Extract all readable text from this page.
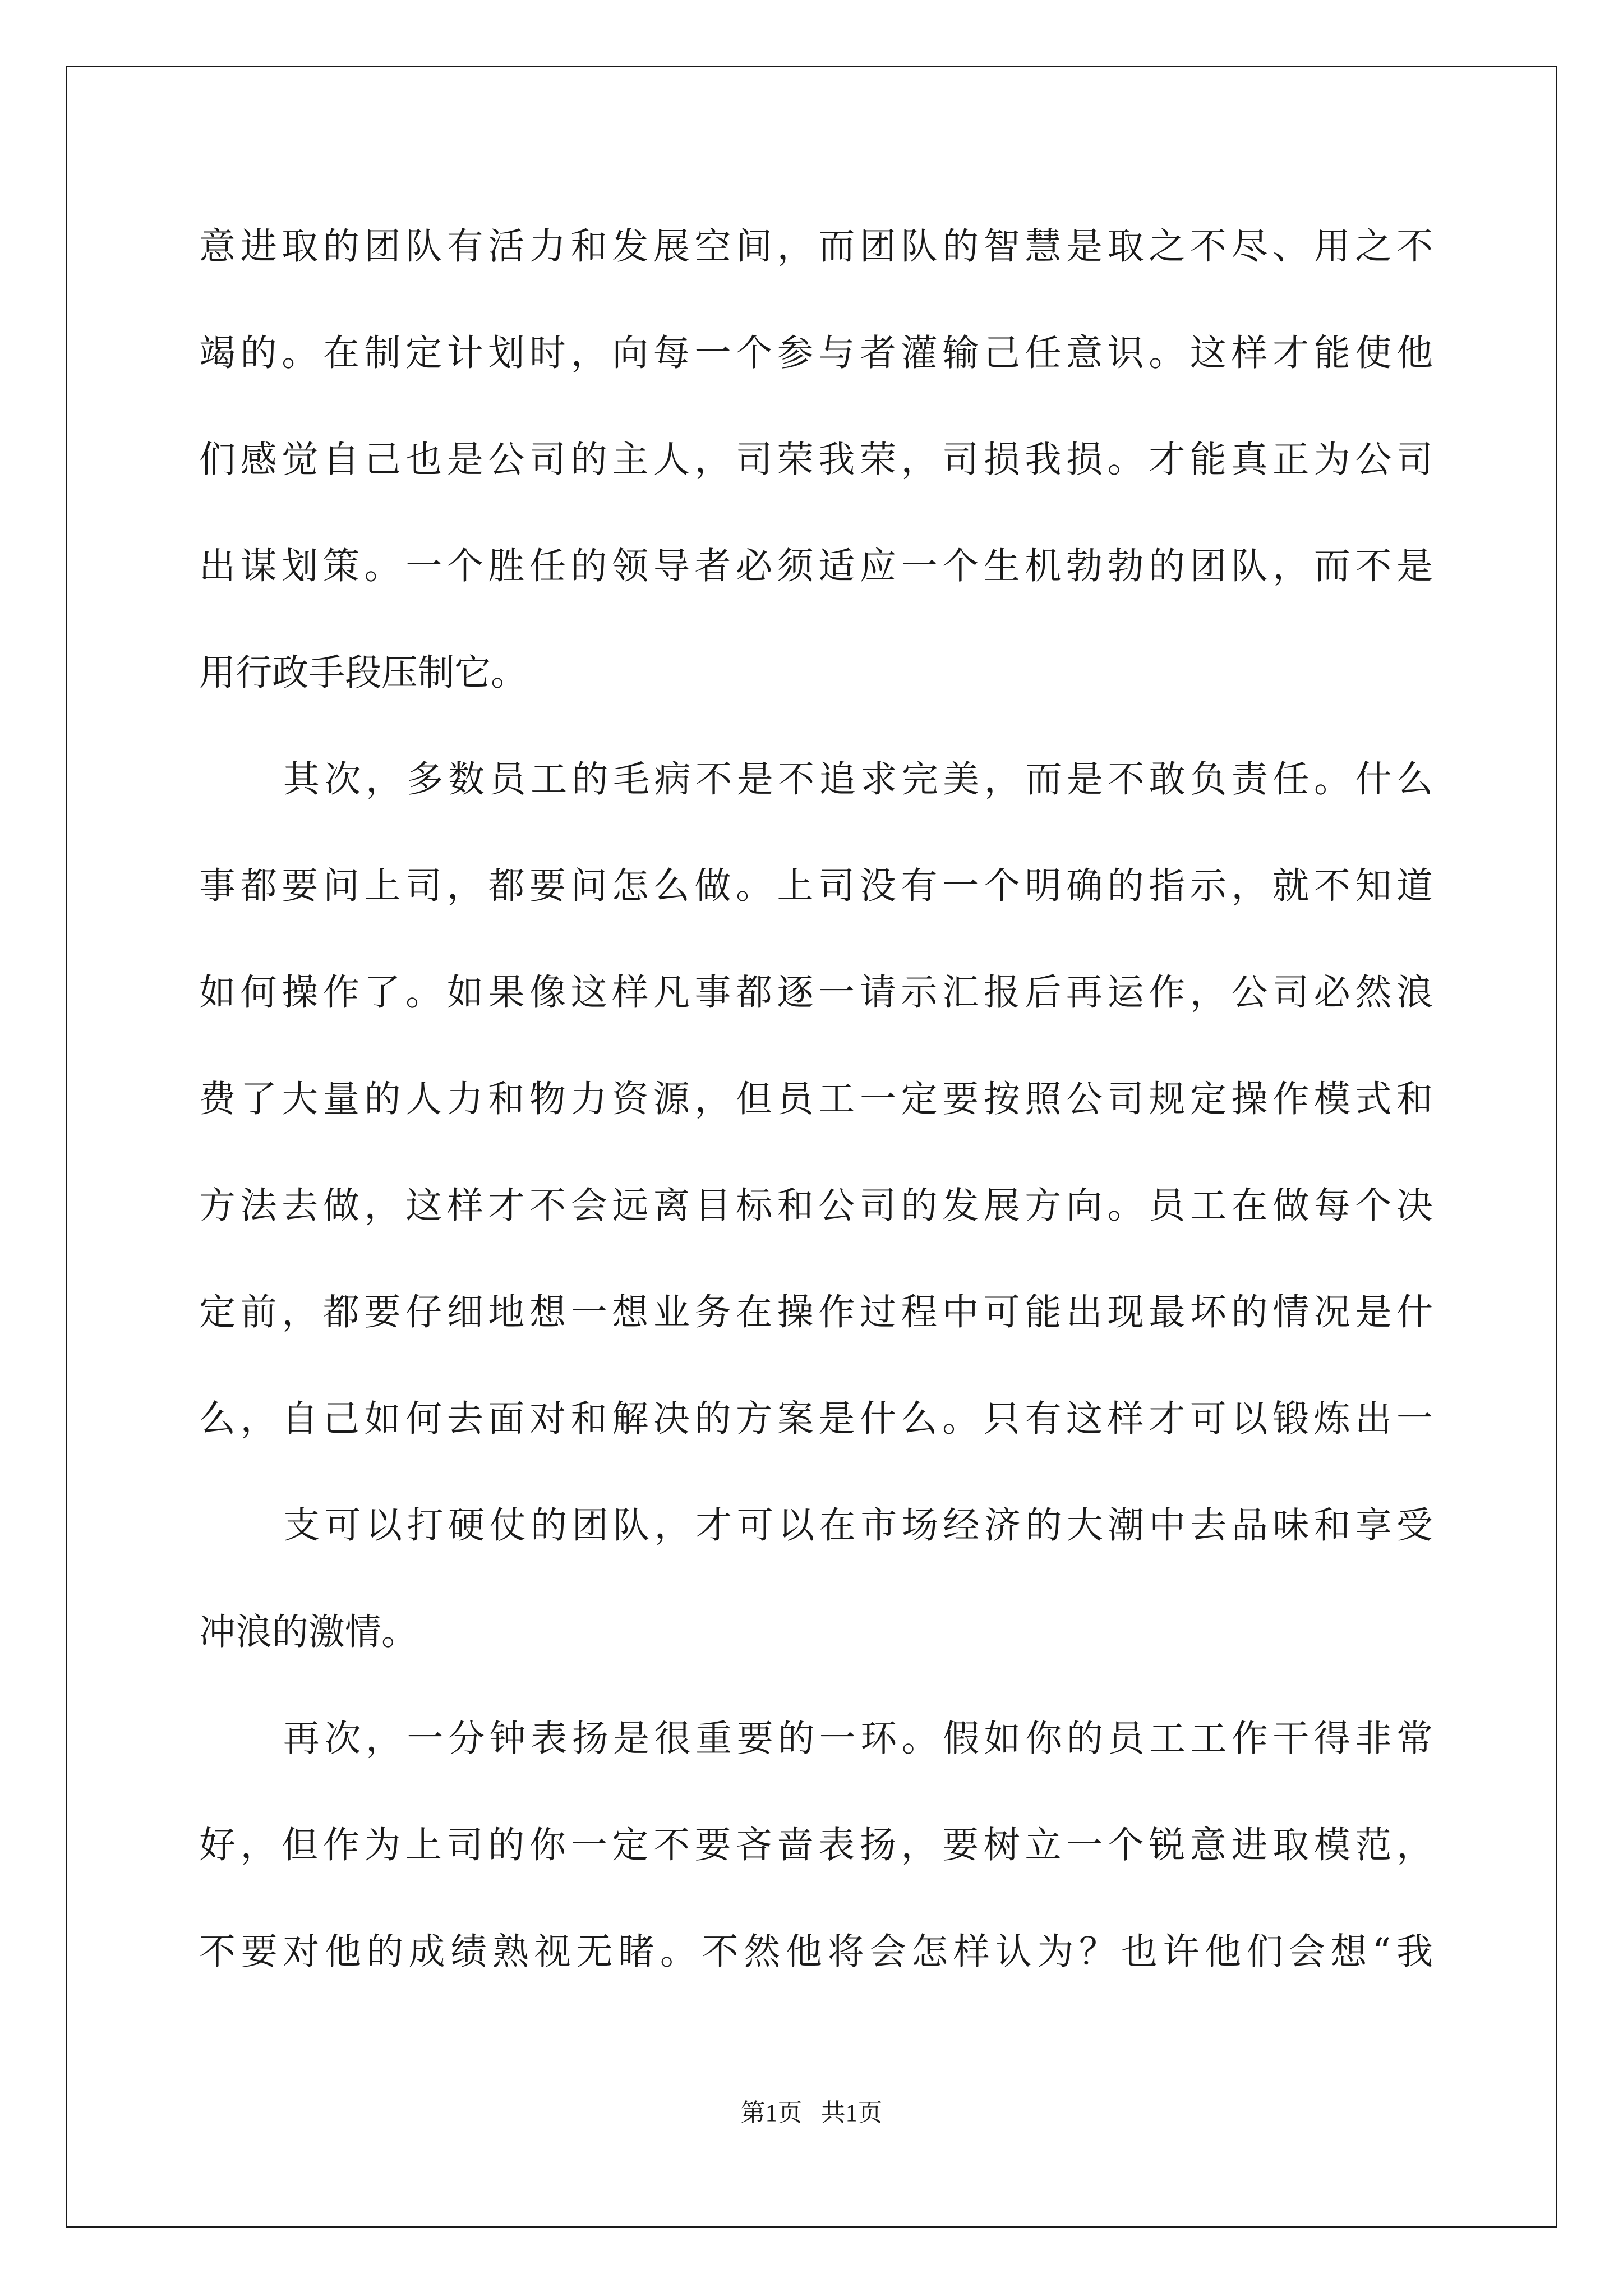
意进取的团队有活力和发展空间，而团队的智慧是取之不尽、用之不
竭的。在制定计划时，向每一个参与者灌输己任意识。这样才能使他
们感觉自己也是公司的主人，司荣我荣，司损我损。才能真正为公司
出谋划策。一个胜任的领导者必须适应一个生机勃勃的团队，而不是
用行政手段压制它。
其次，多数员工的毛病不是不追求完美，而是不敢负责任。什么
事都要问上司，都要问怎么做。上司没有一个明确的指示，就不知道
如何操作了。如果像这样凡事都逐一请示汇报后再运作，公司必然浪
费了大量的人力和物力资源，但员工一定要按照公司规定操作模式和
方法去做，这样才不会远离目标和公司的发展方向。员工在做每个决
定前，都要仔细地想一想业务在操作过程中可能出现最坏的情况是什
么，自己如何去面对和解决的方案是什么。只有这样才可以锻炼出一
支可以打硬仗的团队，才可以在市场经济的大潮中去品味和享受
冲浪的激情。
再次，一分钟表扬是很重要的一环。假如你的员工工作干得非常
好，但作为上司的你一定不要吝啬表扬，要树立一个锐意进取模范，
不要对他的成绩熟视无睹。不然他将会怎样认为？也许他们会想“我
第1页   共1页
